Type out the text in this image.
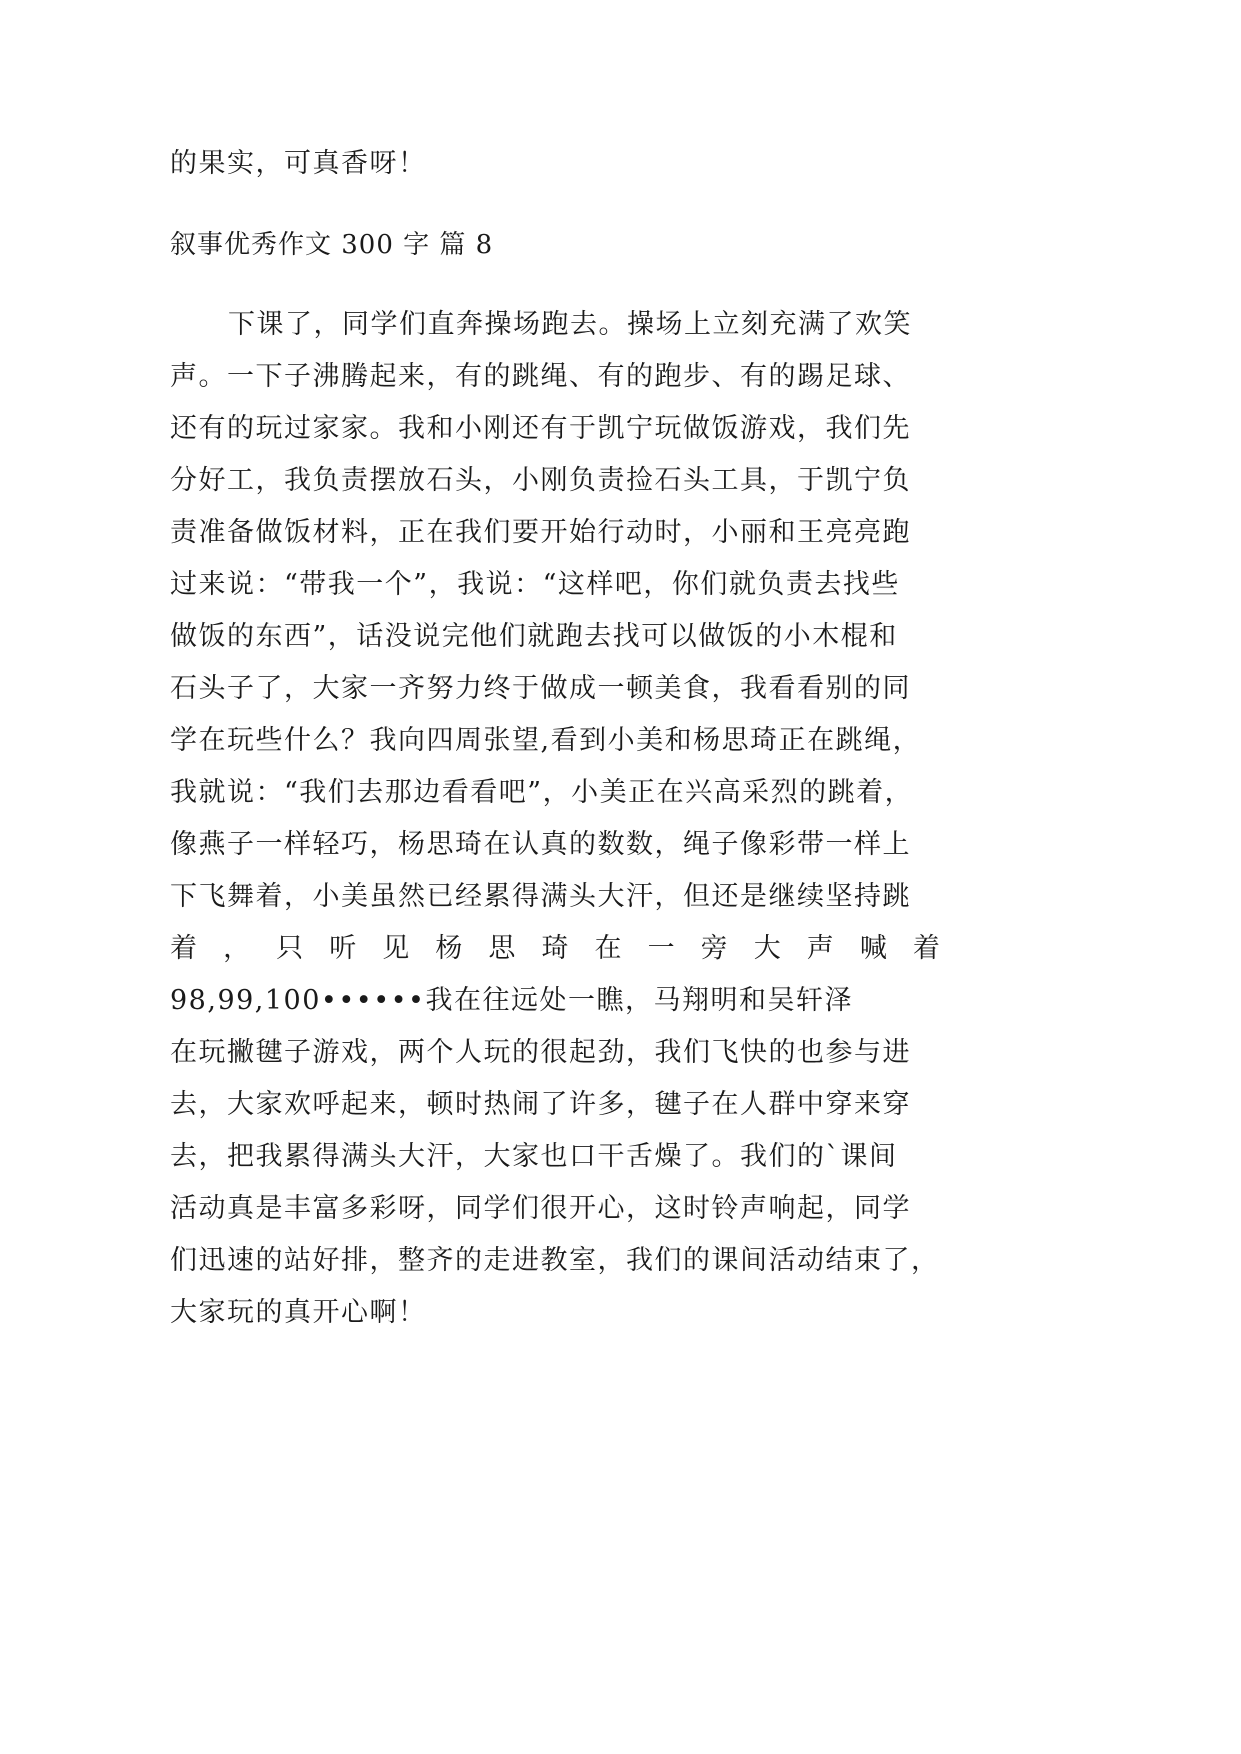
的果实，可真香呀！
叙事优秀作文 300 字 篇 8
下课了，同学们直奔操场跑去。操场上立刻充满了欢笑
声。一下子沸腾起来，有的跳绳、有的跑步、有的踢足球、
还有的玩过家家。我和小刚还有于凯宁玩做饭游戏，我们先
分好工，我负责摆放石头，小刚负责捡石头工具，于凯宁负
责准备做饭材料，正在我们要开始行动时，小丽和王亮亮跑
过来说：“带我一个”，我说：“这样吧，你们就负责去找些
做饭的东西”，话没说完他们就跑去找可以做饭的小木棍和
石头子了，大家一齐努力终于做成一顿美食，我看看别的同
学在玩些什么？我向四周张望,看到小美和杨思琦正在跳绳，
我就说：“我们去那边看看吧”，小美正在兴高采烈的跳着，
像燕子一样轻巧，杨思琦在认真的数数，绳子像彩带一样上
下飞舞着，小美虽然已经累得满头大汗，但还是继续坚持跳
着 ， 只 听 见 杨 思 琦 在 一 旁 大 声 喊 着
98,99,100••••••我在往远处一瞧，马翔明和吴轩泽
在玩撇毽子游戏，两个人玩的很起劲，我们飞快的也参与进
去，大家欢呼起来，顿时热闹了许多，毽子在人群中穿来穿
去，把我累得满头大汗，大家也口干舌燥了。我们的`课间
活动真是丰富多彩呀，同学们很开心，这时铃声响起，同学
们迅速的站好排，整齐的走进教室，我们的课间活动结束了，
大家玩的真开心啊！
